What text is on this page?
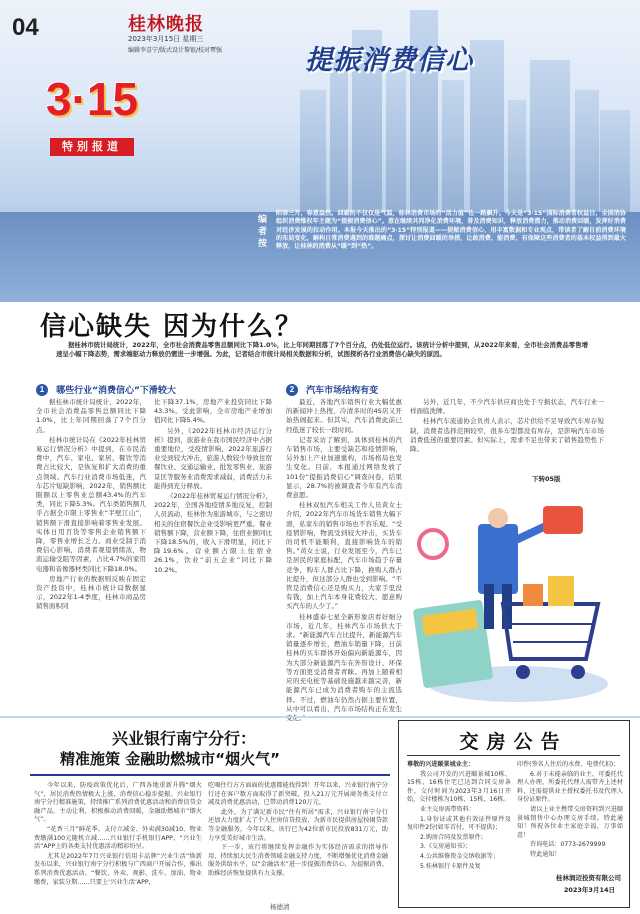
04	桂林晚报
2023年3月15日 星期三
编辑李喜宁/版式设计黎银/校对覃强	提振消费信心
3·15
特别报道
编者按
阳春三月，春意盎然。回暖的不仅仅是气温，桂林消费市场的“活力值”也一路飙升。今天是“3·15”国际消费者权益日，全国消协组织消费维权年主题为“提振消费信心”。意在继续共同净化消费环境，普及消费知识，释放消费潜力，推动消费回暖，发挥好消费对经济发展的拉动作用。本报今天推出的“3·15”特别报道——提振消费信心，用丰富数据和专业观点，带读者了解目前消费环境的布局变化，解构日常消费遇到的难题痛点，探讨让消费回暖的举措，让敢消费、能消费、有保障这些消费者的基本权益得到最大释放，让桂林的消费从“暖”到“热”。
信心缺失 因为什么？
据桂林市统计局统计，2022年，全市社会消费品零售总额同比下降1.0%，比上年同期回落了7个百分点，仍处低位运行。该统计分析中提到，从2022年来看，全市社会消费品零售增速呈小幅下降态势，需求端驱动力释放仍需进一步增强。为此，记者结合市统计局相关数据和分析，试图探析各行业消费信心缺失的原因。
1 哪些行业“消费信心”下滑较大	2 汽车市场结构有变

据桂林市统计局统计，2022年，全市社会消费品零售总额同比下降1.0%，比上年同期回落了7个百分点。

桂林市统计局在《2022年桂林贸易运行情况分析》中提到，在市民消费中，汽车、家电、家居、餐饮等消费占比较大，是恢复和扩大消费的重点领域。汽车行业消费市场低迷，汽车芯片短缺影响，2022年，销售额比限额以上零售业总额43.4%的汽车类，同比下降5.3%。汽车类销售额几乎占据全市限上零售业“半壁江山”，销售额下滑直接影响着零售业发展。实体日用百货等零售企业销售额下降，零售业增长乏力。商业受制于消费信心影响，消费者观望情绪浓，物流运输受阻等因素，占比4.7%的家用电器和音像器材类同比下降18.0%。

房地产行业的数据则反映在固定资产投资中，桂林市统计局数据显示，2022年1-4季度，桂林市商品房销售面积同

比下降37.1%，房地产业投资同比下降43.3%。受此影响，全市房地产业增加值同比下降5.4%。

另外，《2022年桂林市经济运行分析》提到，旅游业在我市国民经济中占据重要地位，受疫情影响，2022年旅游行业受到较大冲击，旅游人数较少导致住宿餐饮业、交通运输业、批发零售业、旅游景区等服务业消费需求减弱，消费活力未能得到充分释放。

《2022年桂林贸易运行情况分析》，2022年，全国各地疫情多地反复，控制人员流动，桂林作为旅游城市，与之密切相关的住宿餐饮企业受影响更严重。餐业销售额下降，营业额下降，住宿业额同比下降18.5%的，收入下滑明显，同比下降19.6%。营业额占限上住宿业26.1%，饮业“前五企业”同比下降10.2%。

最近，各地汽车销售行业大幅优惠的新闻冲上热搜，冷清多时的4S店又开始热闹起来。但其实，汽车消费此前已经低迷了较长一段时间。

记者采访了解到，具体到桂林的汽车销售市场，主要受缺芯和疫情影响，另外加上产业加速重构，市场格局也发生变化。目前，本报通过网络发放了101份“提振消费信心”调查问卷，结果显示，28.7%的被调查者今年有汽车消费意愿。

桂林双恒汽车相关工作人员黄女士介绍，2022年汽车市场货车销售大幅下滑，私家车的销售市场也不容乐观。“受疫情影响，物流受到较大冲击，买货车的司机不能顺利，直接影响货车的销售。”黄女士说，行业发展至今，汽车已是居民的家庭标配，汽车市场趋于存量竞争，购车人群占比下降，换购人群占比提升，但这部分人群也受到影响。“不管是消费信心还是购买力，大家手里没有钱，加上汽车本身花费较大，愿意购买汽车的人少了。”

桂林盛泰七星全新形象店看好细分市场，近几年，桂林汽车市场供大于求。“新能源汽车占比提升，新能源汽车销量逐步增长，燃油车销量下降，日前桂林的买车群体开始偏向新能源车，因为大部分新能源汽车在外形设计、环保等方面更受消费者青睐。再加上随着相应的充电桩等基础设施越来越完善，新能源汽车已成为消费者购车的主流选择。不过，燃油车仍然占据主要位置，从中可以看出，汽车市场结构正在发生

另外，近几年，不少汽车供应商也处于亏损状态，汽车行业一样面临洗牌。

桂林汽车流通协会负责人表示，芯片供给不足导致汽车库存短缺，消费者选择范围较窄，很多车型都没有库存，是影响汽车市场消费低迷的重要因素。但实际上，需求不足也带来了销售趋势性下降。

下转05版
兴业银行南宁分行：
精准施策 金融助燃城市“烟火气”

今年以来，防疫政策优化后，广西各地重新升腾“烟火气”，居民消费热情极大上涨，消费信心稳步提振。兴业银行南宁分行精准施策，持续推广系列消费优惠活动和消费信贷金融产品，主动让利，积极推动消费回暖，金融助燃城市“烟火气”。

“花香三月”鲜花季、支付立减金、外卖满30减10、物业费缴满100元随机立减……兴业银行手机银行APP、“兴业生活”APP上的各类支付优惠活动精彩纷呈。

尤其是2022年7月兴业银行信用卡品牌“兴业生活”焕新发布以来，兴业银行南宁分行积极与广西商户开展合作，推出系列消费优惠活动。“餐饮、外卖、观影、洗车、加油、物业缴费，家装分期……只要上‘兴业生活’APP，

吃喝住行方方面面的优惠都能找得到！开年以来，兴业银行南宁分行还在客户数方面取得了新突破，投入21万元开展商务类支付立减及消费优惠活动，已带动消费120万元。

此外，为了满足新市民“住有所居”需求，兴业银行南宁分行还加大力度扩大了个人住房信贷投放，为新市民提供房屋按揭贷款等金融服务，今年以来，该行已为42位新市民投放831万元，助力享受美好城市生活。

下一步，该行将继续发挥金融作为实体经济需求的指导作用，持续加大民生消费领域金融支持力度，不断增强优化消费金融服务供给水平，以“金融活水”进一步提振消费信心，为提振消费、助推经济恢复提供有力支撑。

杨德清
交房公告

尊敬的兴进颐景城业主：

我公司开发的兴进颐景城10栋、15栋、16栋住宅已达到合同交房条件，交付时间为2023年3月16日开始，交付楼栋为10栋、15栋、16栋。

业主交房需带资料：

1.身份证或其他有效证件原件及复印件2份(如零首付，可不提供)；

2.购房合同及发票原件；

3.《交房通知书》；

4.公共维修资金交纳收据等；

5.桂林银行卡原件及复

印件(签名人住后的水费、电费代扣)；

6.对于未能亲临的业主，可委托代理人办理，所委托代理人需带齐上述材料，还需提供业主授权委托书及代理人身份证原件。

请以上业主携带交房资料到兴进颐景城销售中心办理交房手续。特此通知！预祝各位业主家庭幸福，万事如意！

咨询电话：0773-2679999

特此通知！

桂林润迈投资有限公司
2023年3月14日
